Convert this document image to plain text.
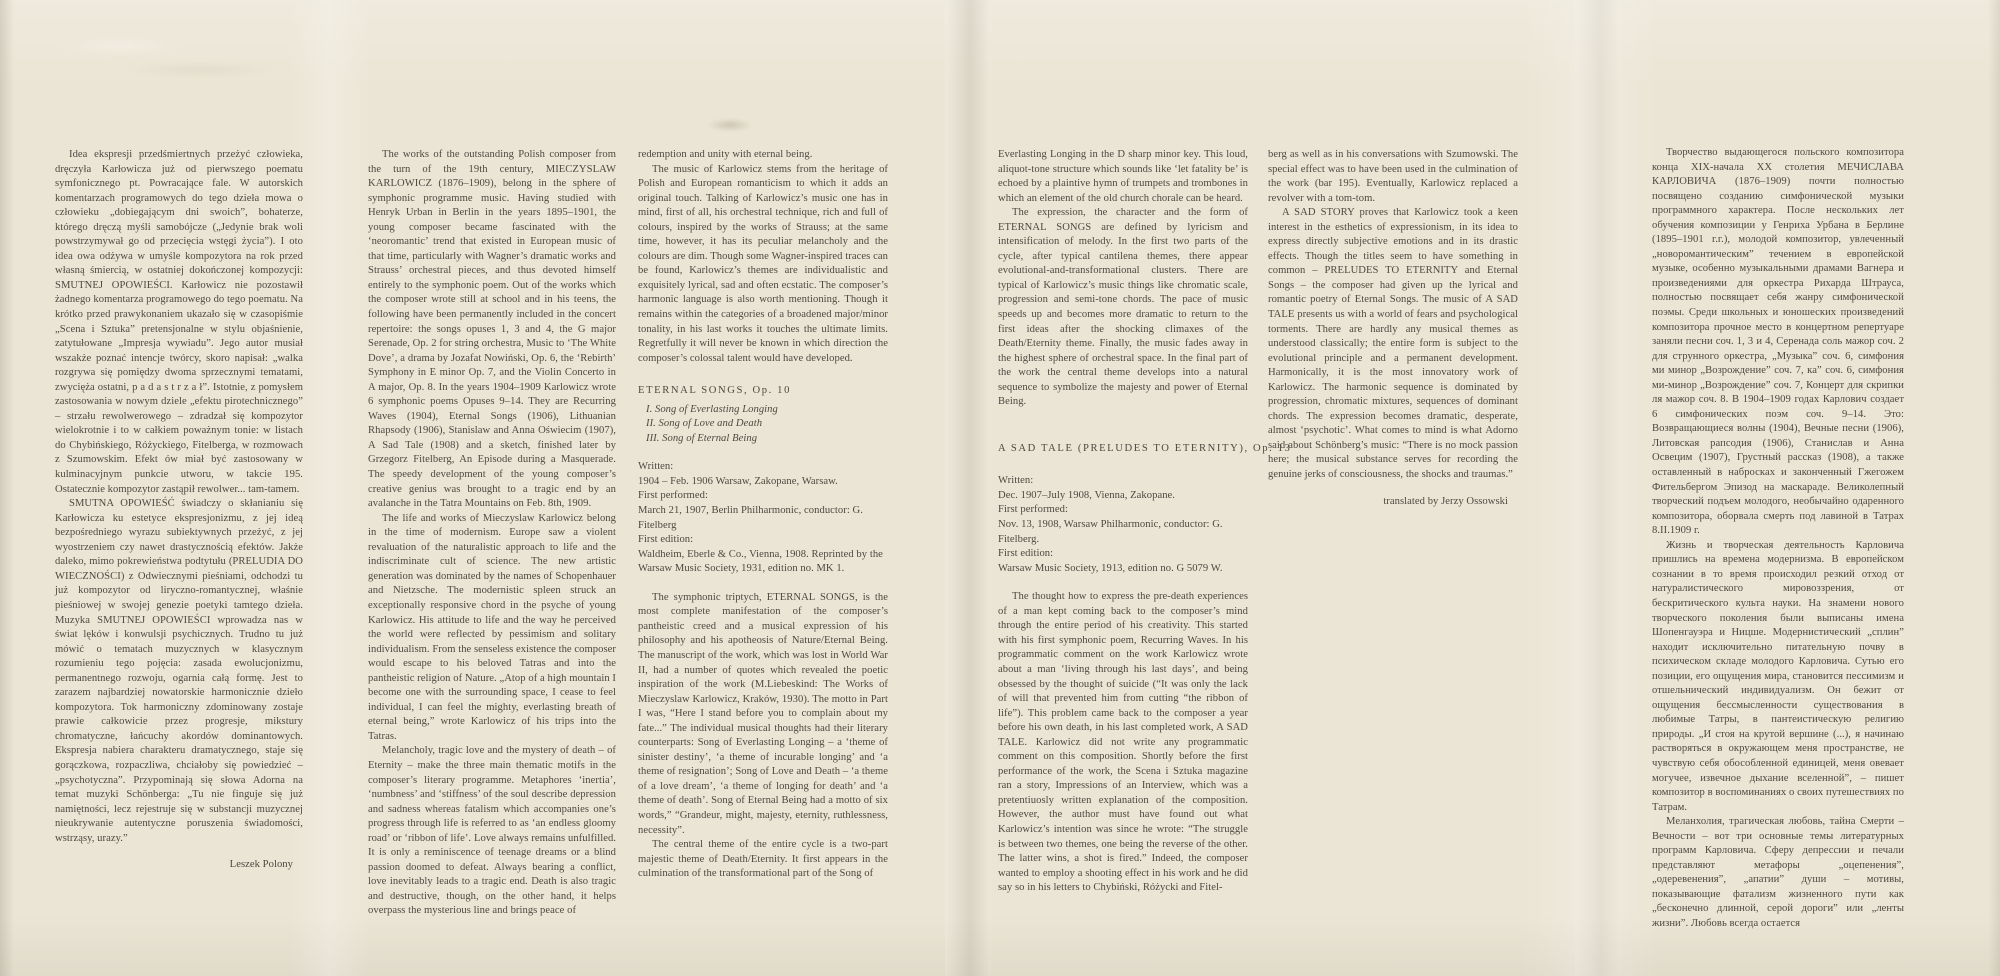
Idea ekspresji przedśmiertnych przeżyć człowieka, dręczyła Karłowicza już od pierwszego poematu symfonicznego pt. Powracające fale. W autorskich komentarzach programowych do tego dzieła mowa o człowieku „dobiegającym dni swoich”, bohaterze, którego dręczą myśli samobójcze („Jedynie brak woli powstrzymywał go od przecięcia wstęgi życia”). I oto idea owa odżywa w umyśle kompozytora na rok przed własną śmiercią, w ostatniej dokończonej kompozycji: SMUTNEJ OPOWIEŚCI. Karłowicz nie pozostawił żadnego komentarza programowego do tego poematu. Na krótko przed prawykonaniem ukazało się w czasopiśmie „Scena i Sztuka” pretensjonalne w stylu objaśnienie, zatytułowane „Impresja wywiadu”. Jego autor musiał wszakże poznać intencje twórcy, skoro napisał: „walka rozgrywa się pomiędzy dwoma sprzecznymi tematami, zwycięża ostatni, p a d a s t r z a ł”. Istotnie, z pomysłem zastosowania w nowym dziele „efektu pirotechnicznego” – strzału rewolwerowego – zdradzał się kompozytor wielokrotnie i to w całkiem poważnym tonie: w listach do Chybińskiego, Różyckiego, Fitelberga, w rozmowach z Szumowskim. Efekt ów miał być zastosowany w kulminacyjnym punkcie utworu, w takcie 195. Ostatecznie kompozytor zastąpił rewolwer... tam-tamem.

SMUTNA OPOWIEŚĆ świadczy o skłanianiu się Karłowicza ku estetyce ekspresjonizmu, z jej ideą bezpośredniego wyrazu subiektywnych przeżyć, z jej wyostrzeniem czy nawet drastycznością efektów. Jakże daleko, mimo pokrewieństwa podtytułu (PRELUDIA DO WIECZNOŚCI) z Odwiecznymi pieśniami, odchodzi tu już kompozytor od liryczno-romantycznej, właśnie pieśniowej w swojej genezie poetyki tamtego dzieła. Muzyka SMUTNEJ OPOWIEŚCI wprowadza nas w świat lęków i konwulsji psychicznych. Trudno tu już mówić o tematach muzycznych w klasycznym rozumieniu tego pojęcia: zasada ewolucjonizmu, permanentnego rozwoju, ogarnia całą formę. Jest to zarazem najbardziej nowatorskie harmonicznie dzieło kompozytora. Tok harmoniczny zdominowany zostaje prawie całkowicie przez progresje, mikstury chromatyczne, łańcuchy akordów dominantowych. Ekspresja nabiera charakteru dramatycznego, staje się gorączkowa, rozpaczliwa, chciałoby się powiedzieć – „psychotyczna”. Przypominają się słowa Adorna na temat muzyki Schönberga: „Tu nie finguje się już namiętności, lecz rejestruje się w substancji muzycznej nieukrywanie autentyczne poruszenia świadomości, wstrząsy, urazy.”

Leszek Polony

The works of the outstanding Polish composer from the turn of the 19th century, MIECZYSLAW KARLOWICZ (1876–1909), belong in the sphere of symphonic programme music. Having studied with Henryk Urban in Berlin in the years 1895–1901, the young composer became fascinated with the ‘neoromantic’ trend that existed in European music of that time, particularly with Wagner’s dramatic works and Strauss’ orchestral pieces, and thus devoted himself entirely to the symphonic poem. Out of the works which the composer wrote still at school and in his teens, the following have been permanently included in the concert repertoire: the songs opuses 1, 3 and 4, the G major Serenade, Op. 2 for string orchestra, Music to ‘The White Dove’, a drama by Jozafat Nowiński, Op. 6, the ‘Rebirth’ Symphony in E minor Op. 7, and the Violin Concerto in A major, Op. 8. In the years 1904–1909 Karlowicz wrote 6 symphonic poems Opuses 9–14. They are Recurring Waves (1904), Eternal Songs (1906), Lithuanian Rhapsody (1906), Stanislaw and Anna Oświecim (1907), A Sad Tale (1908) and a sketch, finished later by Grzegorz Fitelberg, An Episode during a Masquerade. The speedy development of the young composer’s creative genius was brought to a tragic end by an avalanche in the Tatra Mountains on Feb. 8th, 1909.

The life and works of Mieczyslaw Karlowicz belong in the time of modernism. Europe saw a violent revaluation of the naturalistic approach to life and the indiscriminate cult of science. The new artistic generation was dominated by the names of Schopenhauer and Nietzsche. The modernistic spleen struck an exceptionally responsive chord in the psyche of young Karlowicz. His attitude to life and the way he perceived the world were reflected by pessimism and solitary individualism. From the senseless existence the composer would escape to his beloved Tatras and into the pantheistic religion of Nature. „Atop of a high mountain I become one with the surrounding space, I cease to feel individual, I can feel the mighty, everlasting breath of eternal being,” wrote Karlowicz of his trips into the Tatras.

Melancholy, tragic love and the mystery of death – of Eternity – make the three main thematic motifs in the composer’s literary programme. Metaphores ‘inertia’, ‘numbness’ and ‘stiffness’ of the soul describe depression and sadness whereas fatalism which accompanies one’s progress through life is referred to as ‘an endless gloomy road’ or ‘ribbon of life’. Love always remains unfulfilled. It is only a reminiscence of teenage dreams or a blind passion doomed to defeat. Always bearing a conflict, love inevitably leads to a tragic end. Death is also tragic and destructive, though, on the other hand, it helps overpass the mysterious line and brings peace of

redemption and unity with eternal being.

The music of Karlowicz stems from the heritage of Polish and European romanticism to which it adds an original touch. Talking of Karlowicz’s music one has in mind, first of all, his orchestral technique, rich and full of colours, inspired by the works of Strauss; at the same time, however, it has its peculiar melancholy and the colours are dim. Though some Wagner-inspired traces can be found, Karlowicz’s themes are individualistic and exquisitely lyrical, sad and often ecstatic. The composer’s harmonic language is also worth mentioning. Though it remains within the categories of a broadened major/minor tonality, in his last works it touches the ultimate limits. Regretfully it will never be known in which direction the composer’s colossal talent would have developed.

ETERNAL SONGS, Op. 10

I. Song of Everlasting Longing

II. Song of Love and Death

III. Song of Eternal Being

Written:

1904 – Feb. 1906 Warsaw, Zakopane, Warsaw.

First performed:

March 21, 1907, Berlin Philharmonic, conductor: G. Fitelberg

First edition:

Waldheim, Eberle & Co., Vienna, 1908. Reprinted by the Warsaw Music Society, 1931, edition no. MK 1.

The symphonic triptych, ETERNAL SONGS, is the most complete manifestation of the composer’s pantheistic creed and a musical expression of his philosophy and his apotheosis of Nature/Eternal Being. The manuscript of the work, which was lost in World War II, had a number of quotes which revealed the poetic inspiration of the work (M.Liebeskind: The Works of Mieczyslaw Karlowicz, Kraków, 1930). The motto in Part I was, “Here I stand before you to complain about my fate...” The individual musical thoughts had their literary counterparts: Song of Everlasting Longing – a ‘theme of sinister destiny’, ‘a theme of incurable longing’ and ‘a theme of resignation’; Song of Love and Death – ‘a theme of a love dream’, ‘a theme of longing for death’ and ‘a theme of death’. Song of Eternal Being had a motto of six words,” “Grandeur, might, majesty, eternity, ruthlessness, necessity”.

The central theme of the entire cycle is a two-part majestic theme of Death/Eternity. It first appears in the culmination of the transformational part of the Song of

Everlasting Longing in the D sharp minor key. This loud, aliquot-tone structure which sounds like ‘let fatality be’ is echoed by a plaintive hymn of trumpets and trombones in which an element of the old church chorale can be heard.

The expression, the character and the form of ETERNAL SONGS are defined by lyricism and intensification of melody. In the first two parts of the cycle, after typical cantilena themes, there appear evolutional-and-transformational clusters. There are typical of Karlowicz’s music things like chromatic scale, progression and semi-tone chords. The pace of music speeds up and becomes more dramatic to return to the first ideas after the shocking climaxes of the Death/Eternity theme. Finally, the music fades away in the highest sphere of orchestral space. In the final part of the work the central theme develops into a natural sequence to symbolize the majesty and power of Eternal Being.

A SAD TALE (PRELUDES TO ETERNITY), Op. 13

Written:

Dec. 1907–July 1908, Vienna, Zakopane.

First performed:

Nov. 13, 1908, Warsaw Philharmonic, conductor: G. Fitelberg.

First edition:

Warsaw Music Society, 1913, edition no. G 5079 W.

The thought how to express the pre-death experiences of a man kept coming back to the composer’s mind through the entire period of his creativity. This started with his first symphonic poem, Recurring Waves. In his programmatic comment on the work Karlowicz wrote about a man ‘living through his last days’, and being obsessed by the thought of suicide (“It was only the lack of will that prevented him from cutting “the ribbon of life”). This problem came back to the composer a year before his own death, in his last completed work, A SAD TALE. Karlowicz did not write any programmatic comment on this composition. Shortly before the first performance of the work, the Scena i Sztuka magazine ran a story, Impressions of an Interview, which was a pretentiuosly written explanation of the composition. However, the author must have found out what Karlowicz’s intention was since he wrote: “The struggle is between two themes, one being the reverse of the other. The latter wins, a shot is fired.” Indeed, the composer wanted to employ a shooting effect in his work and he did say so in his letters to Chybiński, Różycki and Fitel-

berg as well as in his conversations with Szumowski. The special effect was to have been used in the culmination of the work (bar 195). Eventually, Karlowicz replaced a revolver with a tom-tom.

A SAD STORY proves that Karlowicz took a keen interest in the esthetics of expressionism, in its idea to express directly subjective emotions and in its drastic effects. Though the titles seem to have something in common – PRELUDES TO ETERNITY and Eternal Songs – the composer had given up the lyrical and romantic poetry of Eternal Songs. The music of A SAD TALE presents us with a world of fears and psychological torments. There are hardly any musical themes as understood classically; the entire form is subject to the evolutional principle and a permanent development. Harmonically, it is the most innovatory work of Karlowicz. The harmonic sequence is dominated by progression, chromatic mixtures, sequences of dominant chords. The expression becomes dramatic, desperate, almost ‘psychotic’. What comes to mind is what Adorno said about Schönberg’s music: “There is no mock passion here; the musical substance serves for recording the genuine jerks of consciousness, the shocks and traumas.”

translated by Jerzy Ossowski

Творчество выдающегося польского композитора конца XIX-начала XX столетия МЕЧИСЛАВА КАРЛОВИЧА (1876–1909) почти полностью посвящено созданию симфонической музыки программного характера. После нескольких лет обучения композиции у Генриха Урбана в Берлине (1895–1901 г.г.), молодой композитор, увлеченный „новоромантическим” течением в европейской музыке, особенно музыкальными драмами Вагнера и произведениями для оркестра Рихарда Штрауса, полностью посвящает себя жанру симфонической поэмы. Среди школьных и юношеских произведений композитора прочное место в концертном репертуаре заняли песни соч. 1, 3 и 4, Серенада соль мажор соч. 2 для струнного оркестра, „Музыка” соч. 6, симфония ми минор „Возрождение” соч. 7, ка” соч. 6, симфония ми-минор „Возрождение” соч. 7, Концерт для скрипки ля мажор соч. 8. В 1904–1909 годах Карлович создает 6 симфонических поэм соч. 9–14. Это: Возвращающиеся волны (1904), Вечные песни (1906), Литовская рапсодия (1906), Станислав и Анна Освецим (1907), Грустный рассказ (1908), а также оставленный в набросках и законченный Гжегожем Фительбергом Эпизод на маскараде. Великолепный творческий подъем молодого, необычайно одаренного композитора, оборвала смерть под лавиной в Татрах 8.II.1909 г.

Жизнь и творческая деятельность Карловича пришлись на времена модернизма. В европейском сознании в то время происходил резкий отход от натуралистического мировоззрения, от бескритического культа науки. На знамени нового творческого поколения были выписаны имена Шопенгауэра и Ницше. Модернистический „сплин” находит исключительно питательную почву в психическом складе молодого Карловича. Сутью его позиции, его ощущения мира, становится пессимизм и отшельнический индивидуализм. Он бежит от ощущения бессмысленности существования в любимые Татры, в пантеистическую религию природы. „И стоя на крутой вершине (...), я начинаю растворяться в окружающем меня пространстве, не чувствую себя обособленной единицей, меня овевает могучее, извечное дыхание вселенной”, – пишет композитор в воспоминаниях о своих путешествиях по Татрам.

Меланхолия, трагическая любовь, тайна Смерти – Вечности – вот три основные темы литературных программ Карловича. Сферу депрессии и печали представляют метафоры „оцепенения”, „одеревенения”, „апатии” души – мотивы, показывающие фатализм жизненного пути как „бесконечно длинной, серой дороги” или „ленты жизни”. Любовь всегда остается
